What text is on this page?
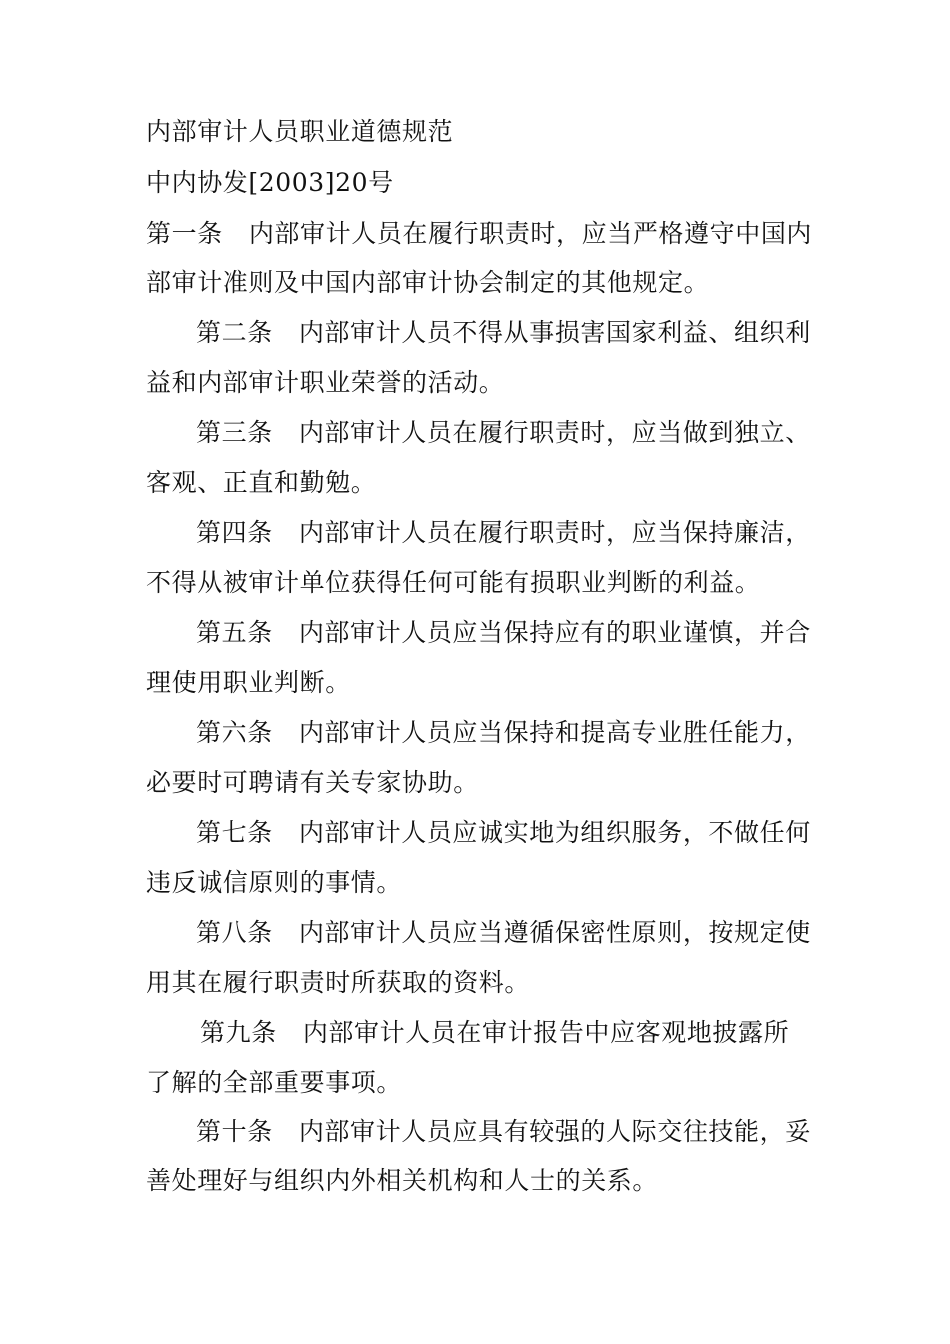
内部审计人员职业道德规范
中内协发[2003]20号
第一条 内部审计人员在履行职责时，应当严格遵守中国内
部审计准则及中国内部审计协会制定的其他规定。
第二条 内部审计人员不得从事损害国家利益、组织利
益和内部审计职业荣誉的活动。
第三条 内部审计人员在履行职责时，应当做到独立、
客观、正直和勤勉。
第四条 内部审计人员在履行职责时，应当保持廉洁，
不得从被审计单位获得任何可能有损职业判断的利益。
第五条 内部审计人员应当保持应有的职业谨慎，并合
理使用职业判断。
第六条 内部审计人员应当保持和提高专业胜任能力，
必要时可聘请有关专家协助。
第七条 内部审计人员应诚实地为组织服务，不做任何
违反诚信原则的事情。
第八条 内部审计人员应当遵循保密性原则，按规定使
用其在履行职责时所获取的资料。
第九条 内部审计人员在审计报告中应客观地披露所
了解的全部重要事项。
第十条 内部审计人员应具有较强的人际交往技能，妥
善处理好与组织内外相关机构和人士的关系。
